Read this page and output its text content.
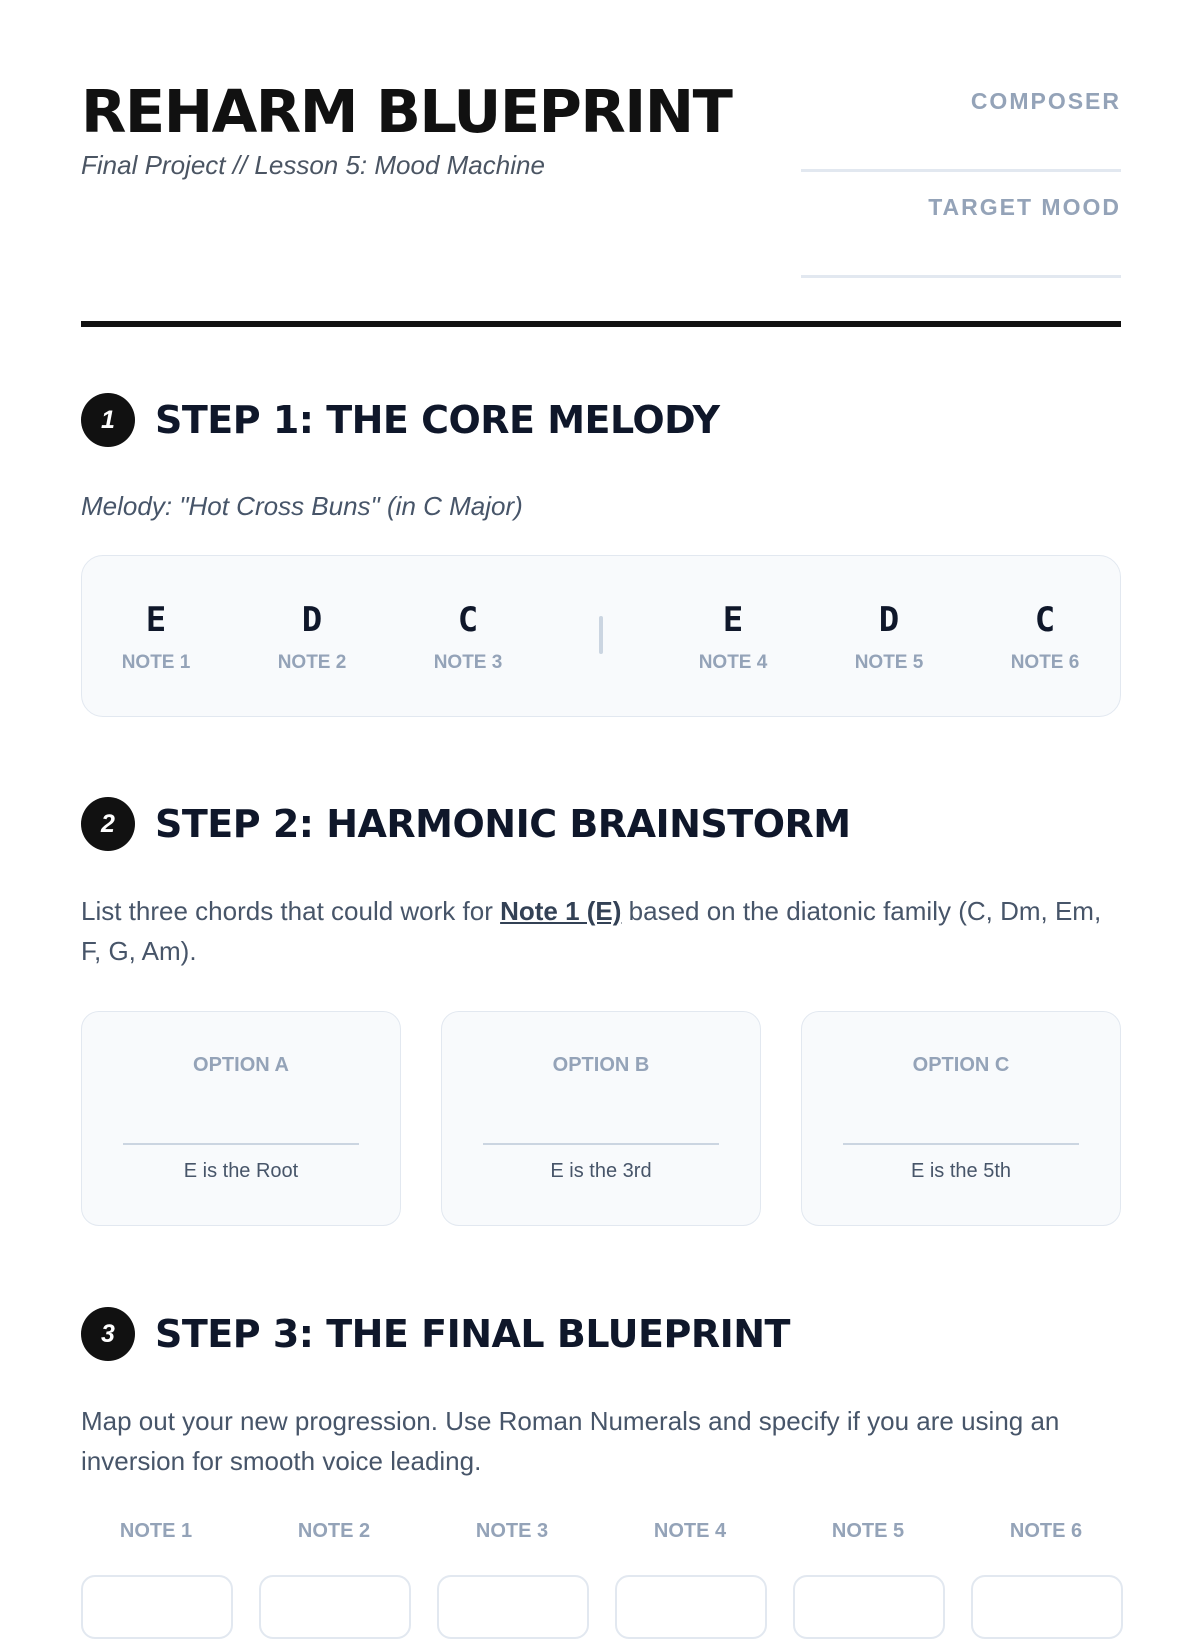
REHARM BLUEPRINT
Final Project // Lesson 5: Mood Machine
COMPOSER
TARGET MOOD
1	STEP 1: THE CORE MELODY
Melody: "Hot Cross Buns" (in C Major)
E
NOTE 1
D
NOTE 2
C
NOTE 3
E
NOTE 4
D
NOTE 5
C
NOTE 6
2	STEP 2: HARMONIC BRAINSTORM
List three chords that could work for Note 1 (E) based on the diatonic family (C, Dm, Em, F, G, Am).
OPTION A
E is the Root
OPTION B
E is the 3rd
OPTION C
E is the 5th
3	STEP 3: THE FINAL BLUEPRINT
Map out your new progression. Use Roman Numerals and specify if you are using an inversion for smooth voice leading.
NOTE 1	NOTE 2	NOTE 3	NOTE 4	NOTE 5	NOTE 6
